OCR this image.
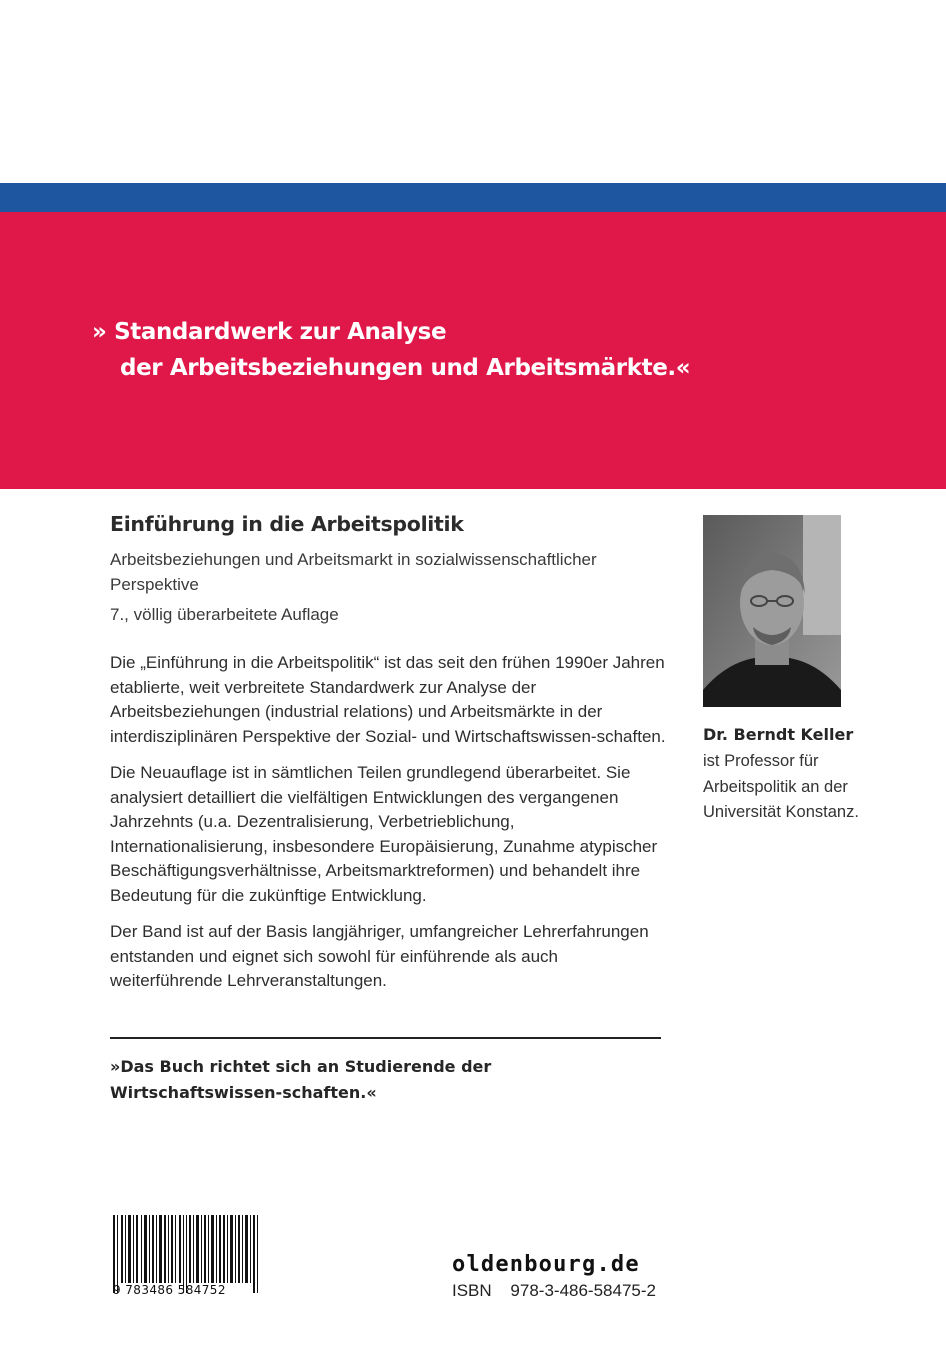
» Standardwerk zur Analyse
der Arbeitsbeziehungen und Arbeitsmärkte.«

Einführung in die Arbeitspolitik

Arbeitsbeziehungen und Arbeitsmarkt in sozialwissenschaftlicher Perspektive

7., völlig überarbeitete Auflage

Die „Einführung in die Arbeitspolitik“ ist das seit den frühen 1990er Jahren etablierte, weit verbreitete Standardwerk zur Analyse der Arbeitsbeziehungen (industrial relations) und Arbeitsmärkte in der interdisziplinären Perspektive der Sozial- und Wirtschaftswissen-schaften.

Die Neuauflage ist in sämtlichen Teilen grundlegend überarbeitet. Sie analysiert detailliert die vielfältigen Entwicklungen des vergangenen Jahrzehnts (u.a. Dezentralisierung, Verbetrieblichung, Internationalisierung, insbesondere Europäisierung, Zunahme atypischer Beschäftigungsverhältnisse, Arbeitsmarktreformen) und behandelt ihre Bedeutung für die zukünftige Entwicklung.

Der Band ist auf der Basis langjähriger, umfangreicher Lehrerfahrungen entstanden und eignet sich sowohl für einführende als auch weiterführende Lehrveranstaltungen.

»Das Buch richtet sich an Studierende der Wirtschaftswissen-schaften.«

Dr. Berndt Keller

ist Professor für Arbeitspolitik an der Universität Konstanz.

9 783486 584752

oldenbourg.de

ISBN 978-3-486-58475-2
